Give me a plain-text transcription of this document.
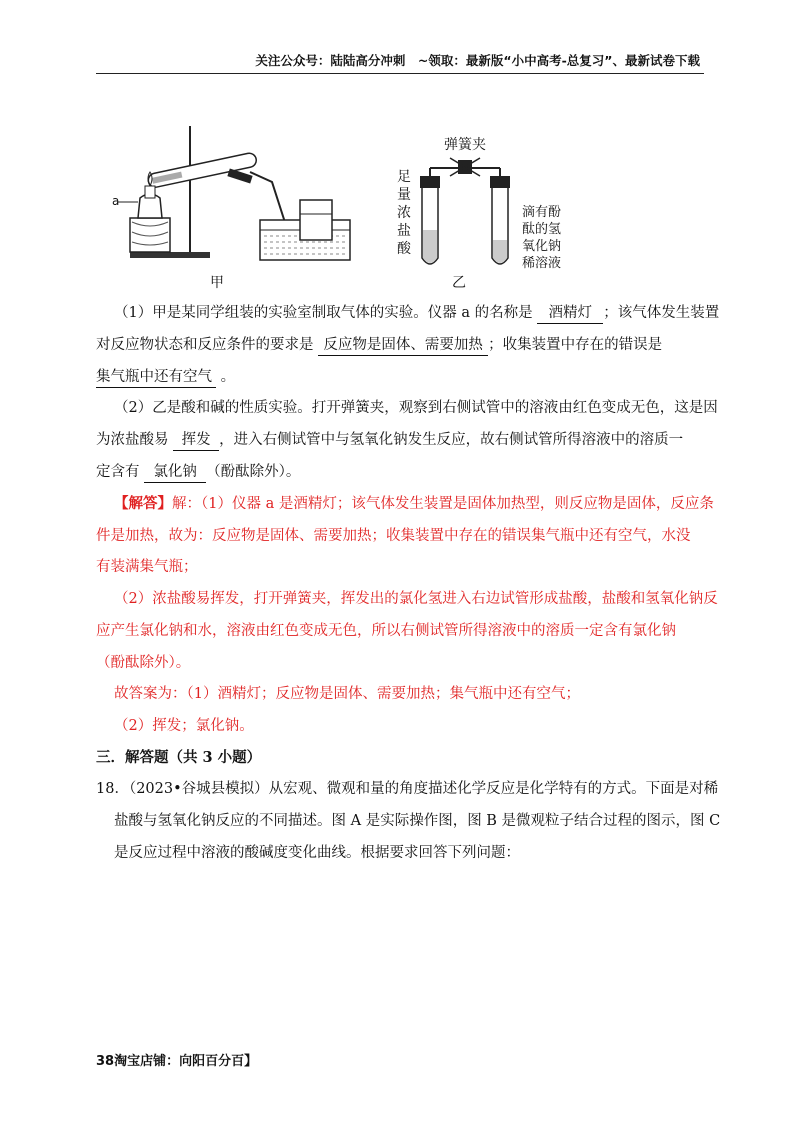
关注公众号：陆陆高分冲刺　~领取：最新版“小中高考-总复习”、最新试卷下载
a
甲	乙
弹簧夹
足
量
浓
盐
酸
滴有酚
酞的氢
氧化钠
稀溶液
（1）甲是某同学组装的实验室制取气体的实验。仪器 a 的名称是 酒精灯 ；该气体发生装置
对反应物状态和反应条件的要求是 反应物是固体、需要加热 ；收集装置中存在的错误是
集气瓶中还有空气 。
（2）乙是酸和碱的性质实验。打开弹簧夹，观察到右侧试管中的溶液由红色变成无色，这是因
为浓盐酸易 挥发 ，进入右侧试管中与氢氧化钠发生反应，故右侧试管所得溶液中的溶质一
定含有 氯化钠 （酚酞除外）。
【解答】解：（1）仪器 a 是酒精灯；该气体发生装置是固体加热型，则反应物是固体，反应条
件是加热，故为：反应物是固体、需要加热；收集装置中存在的错误集气瓶中还有空气，水没
有装满集气瓶；
（2）浓盐酸易挥发，打开弹簧夹，挥发出的氯化氢进入右边试管形成盐酸，盐酸和氢氧化钠反
应产生氯化钠和水，溶液由红色变成无色，所以右侧试管所得溶液中的溶质一定含有氯化钠
（酚酞除外）。
故答案为：（1）酒精灯；反应物是固体、需要加热；集气瓶中还有空气；
（2）挥发；氯化钠。
三．解答题（共 3 小题）
18．（2023•谷城县模拟）从宏观、微观和量的角度描述化学反应是化学特有的方式。下面是对稀
盐酸与氢氧化钠反应的不同描述。图 A 是实际操作图，图 B 是微观粒子结合过程的图示，图 C
是反应过程中溶液的酸碱度变化曲线。根据要求回答下列问题：
38淘宝店铺：向阳百分百】
